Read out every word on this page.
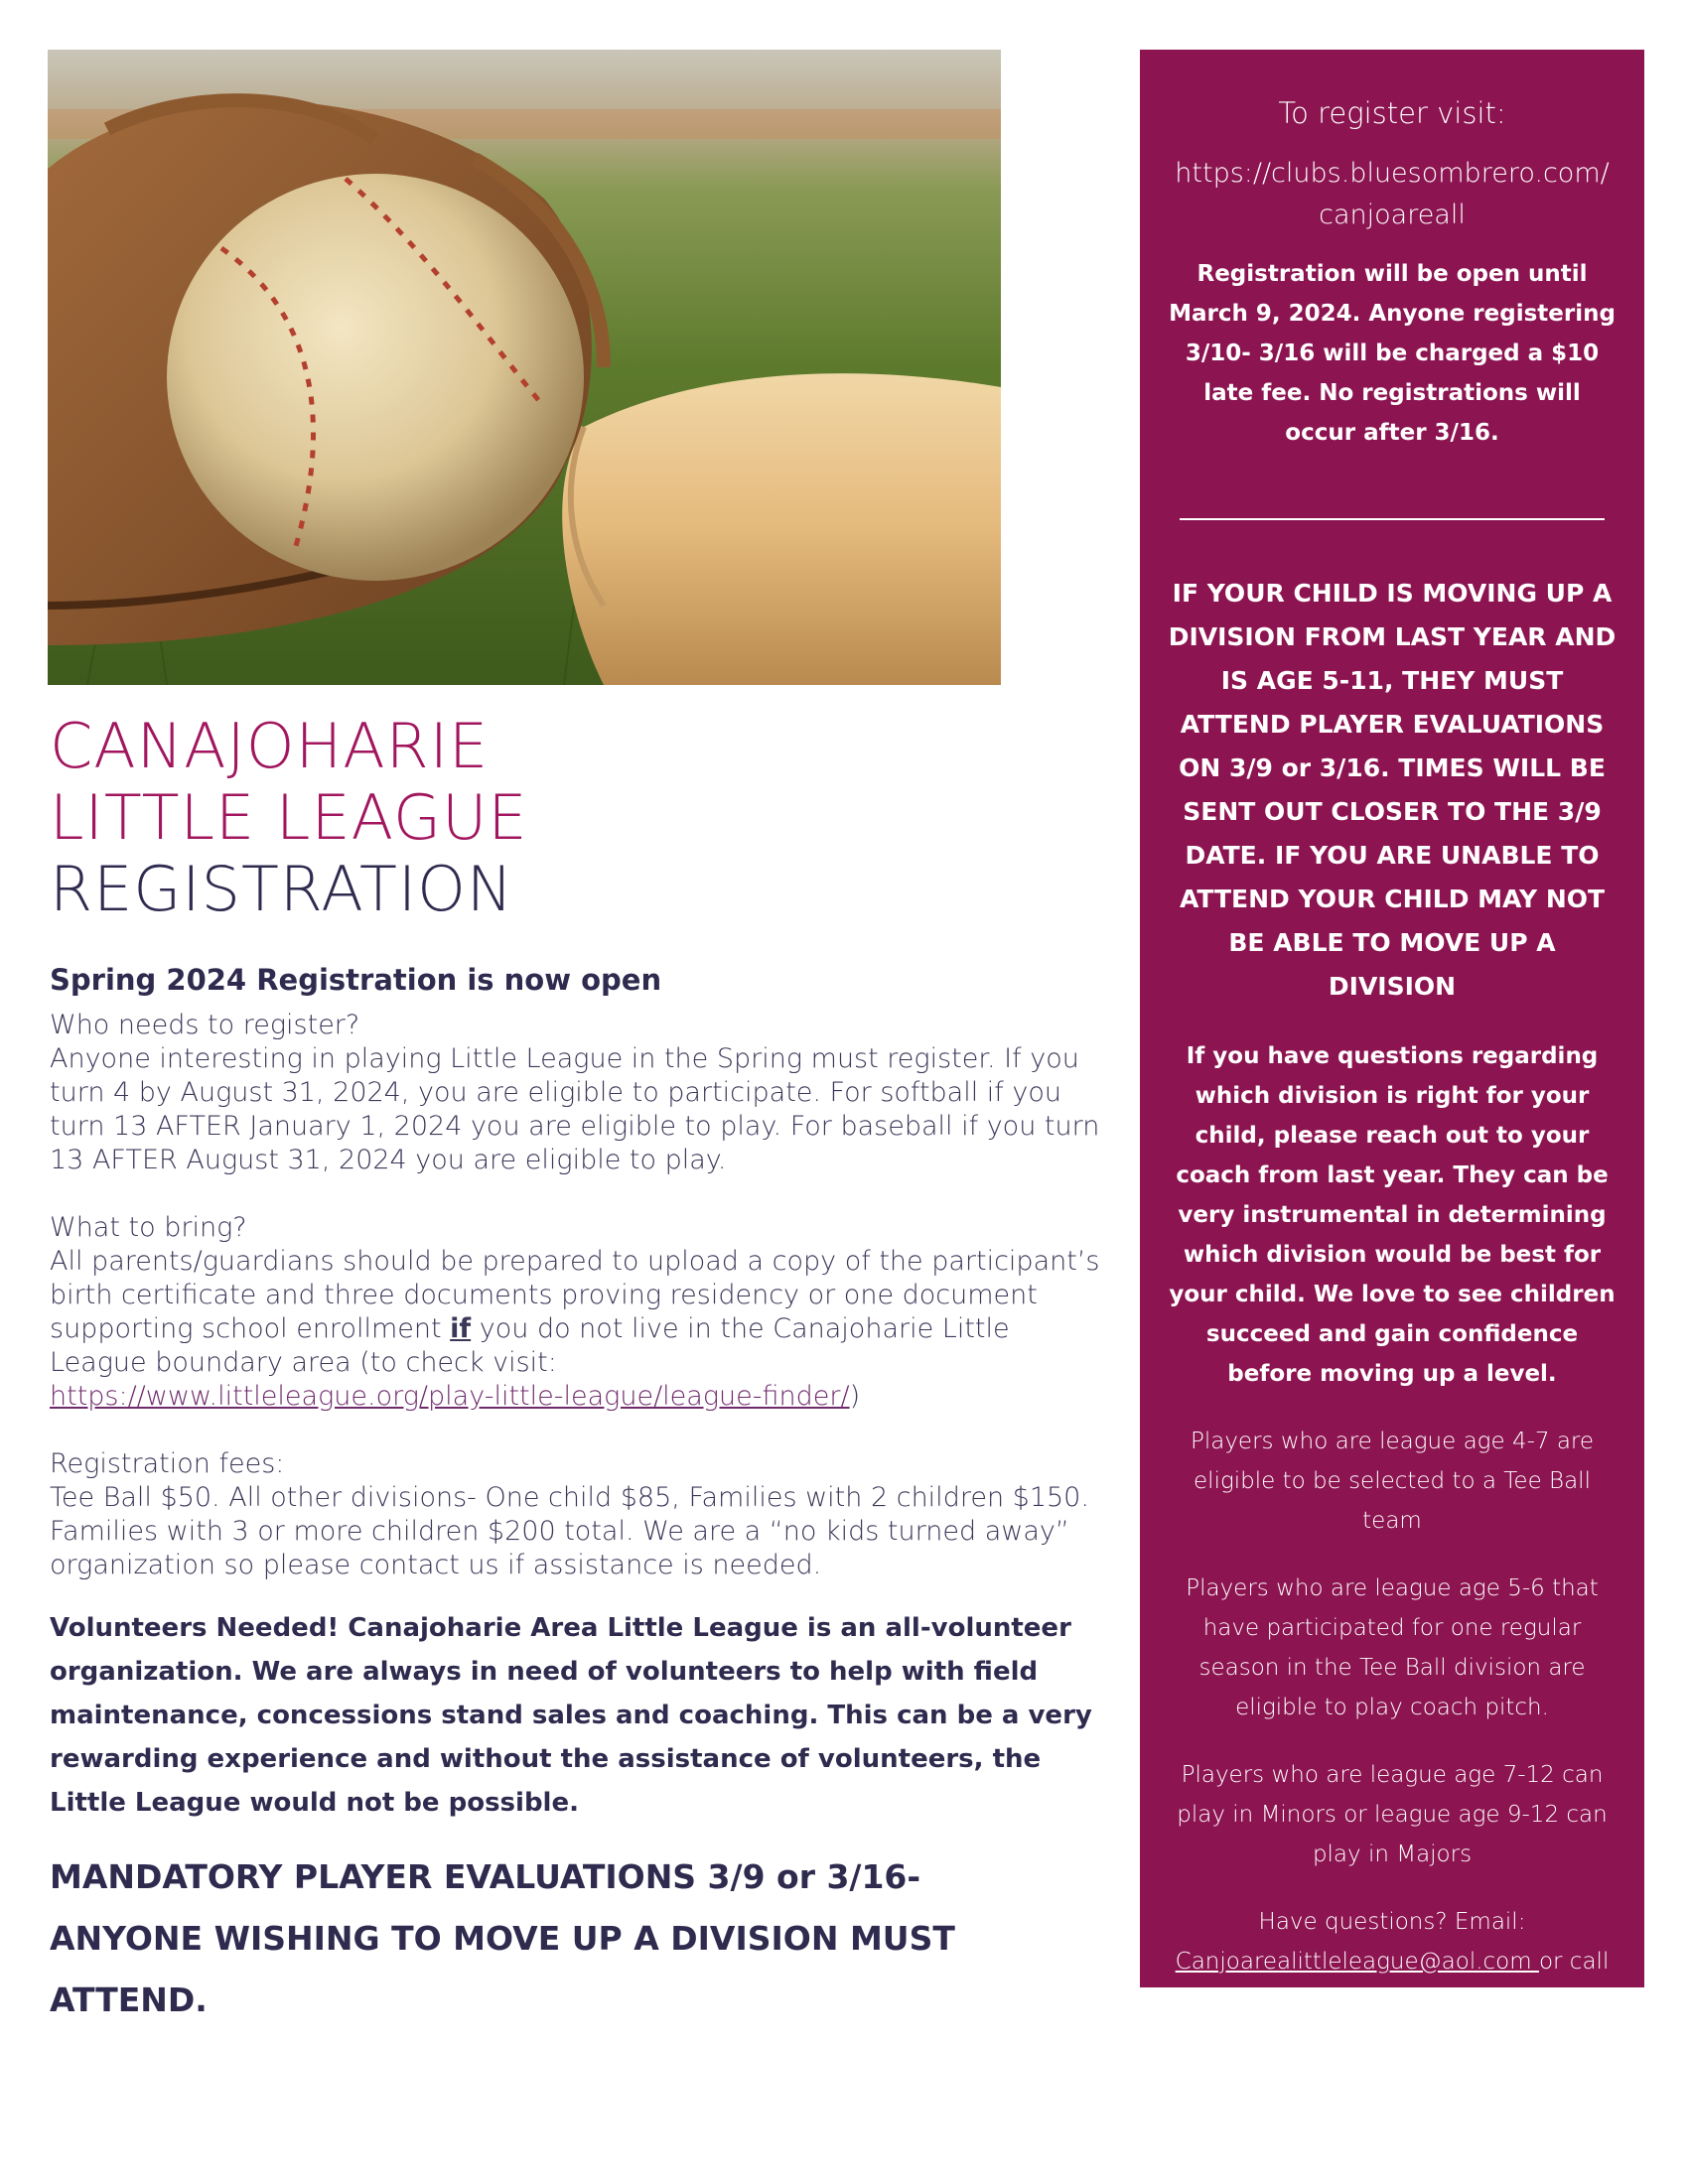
CANAJOHARIE
LITTLE LEAGUE
REGISTRATION

Spring 2024 Registration is now open

Who needs to register?

Anyone interesting in playing Little League in the Spring must register. If you turn 4 by August 31, 2024, you are eligible to participate. For softball if you turn 13 AFTER January 1, 2024 you are eligible to play. For baseball if you turn 13 AFTER August 31, 2024 you are eligible to play.

What to bring?

All parents/guardians should be prepared to upload a copy of the participant’s birth certificate and three documents proving residency or one document supporting school enrollment if you do not live in the Canajoharie Little League boundary area (to check visit:
https://www.littleleague.org/play-little-league/league-finder/)

Registration fees:

Tee Ball $50. All other divisions- One child $85, Families with 2 children $150. Families with 3 or more children $200 total. We are a “no kids turned away” organization so please contact us if assistance is needed.

Volunteers Needed! Canajoharie Area Little League is an all-volunteer organization. We are always in need of volunteers to help with field maintenance, concessions stand sales and coaching. This can be a very rewarding experience and without the assistance of volunteers, the Little League would not be possible.

MANDATORY PLAYER EVALUATIONS 3/9 or 3/16- ANYONE WISHING TO MOVE UP A DIVISION MUST ATTEND.

To register visit:

https://clubs.bluesombrero.com/canjoareall

Registration will be open until March 9, 2024. Anyone registering 3/10- 3/16 will be charged a $10 late fee. No registrations will occur after 3/16.

IF YOUR CHILD IS MOVING UP A DIVISION FROM LAST YEAR AND IS AGE 5-11, THEY MUST ATTEND PLAYER EVALUATIONS ON 3/9 or 3/16. TIMES WILL BE SENT OUT CLOSER TO THE 3/9 DATE. IF YOU ARE UNABLE TO ATTEND YOUR CHILD MAY NOT BE ABLE TO MOVE UP A DIVISION

If you have questions regarding which division is right for your child, please reach out to your coach from last year. They can be very instrumental in determining which division would be best for your child. We love to see children succeed and gain confidence before moving up a level.

Players who are league age 4-7 are eligible to be selected to a Tee Ball team

Players who are league age 5-6 that have participated for one regular season in the Tee Ball division are eligible to play coach pitch.

Players who are league age 7-12 can play in Minors or league age 9-12 can play in Majors

Have questions? Email:
Canjoarealittleleague@aol.com or call 518-889-9034 or follow us on Facebook
